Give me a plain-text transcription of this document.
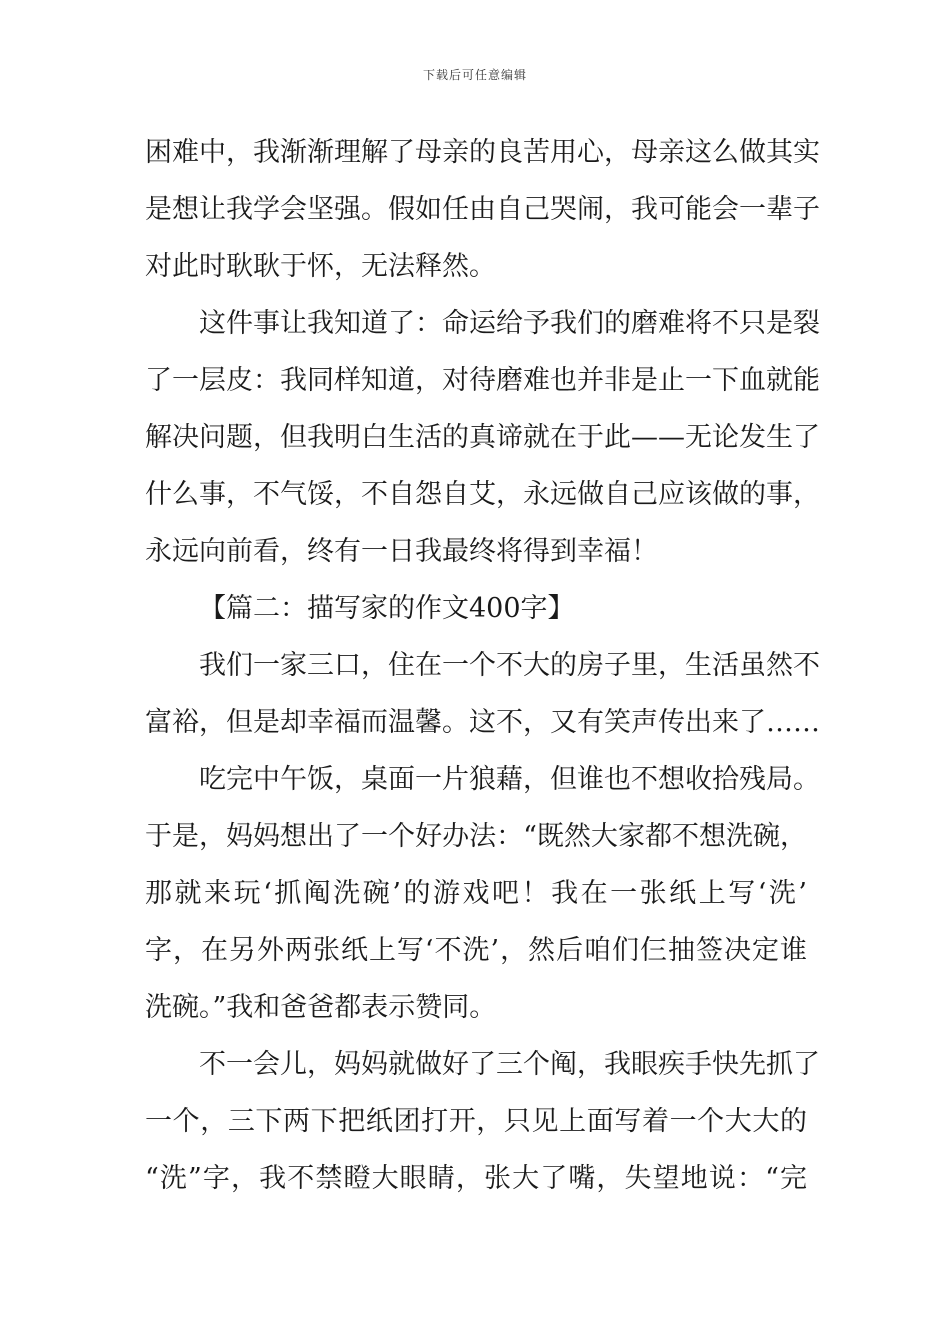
下载后可任意编辑
困难中，我渐渐理解了母亲的良苦用心，母亲这么做其实
是想让我学会坚强。假如任由自己哭闹，我可能会一辈子
对此时耿耿于怀，无法释然。
这件事让我知道了：命运给予我们的磨难将不只是裂
了一层皮：我同样知道，对待磨难也并非是止一下血就能
解决问题，但我明白生活的真谛就在于此——无论发生了
什么事，不气馁，不自怨自艾，永远做自己应该做的事，
永远向前看，终有一日我最终将得到幸福！
【篇二：描写家的作文400字】
我们一家三口，住在一个不大的房子里，生活虽然不
富裕，但是却幸福而温馨。这不，又有笑声传出来了……
吃完中午饭，桌面一片狼藉，但谁也不想收拾残局。
于是，妈妈想出了一个好办法：“既然大家都不想洗碗，
那就来玩‘抓阄洗碗’的游戏吧！我在一张纸上写‘洗’
字，在另外两张纸上写‘不洗’，然后咱们仨抽签决定谁
洗碗。”我和爸爸都表示赞同。
不一会儿，妈妈就做好了三个阄，我眼疾手快先抓了
一个，三下两下把纸团打开，只见上面写着一个大大的
“洗”字，我不禁瞪大眼睛，张大了嘴，失望地说：“完
